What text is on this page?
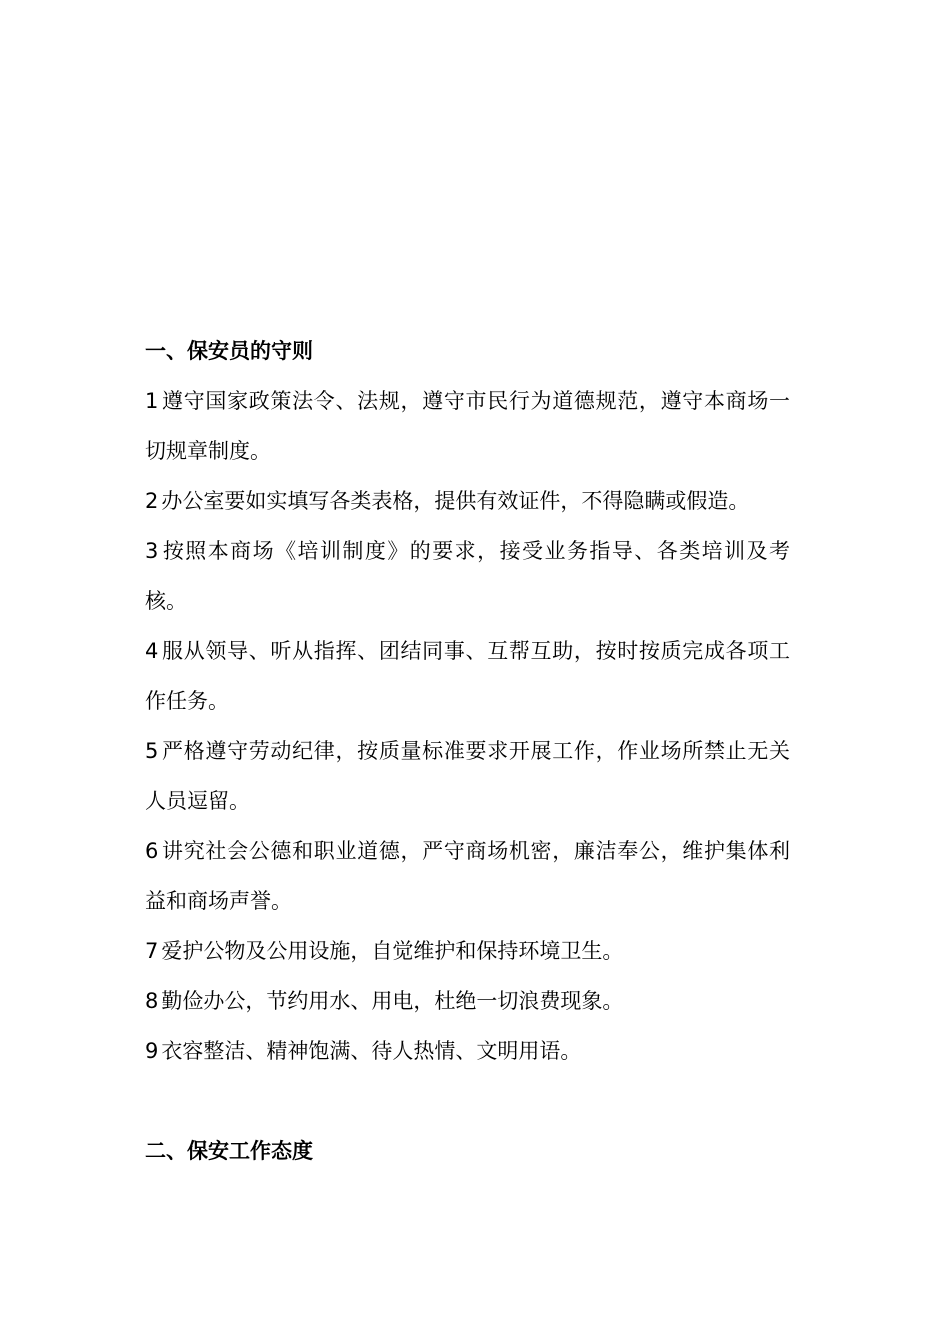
一、保安员的守则
1 遵守国家政策法令、法规，遵守市民行为道德规范，遵守本商场一切规章制度。
2 办公室要如实填写各类表格，提供有效证件，不得隐瞒或假造。
3 按照本商场《培训制度》的要求，接受业务指导、各类培训及考核。
4 服从领导、听从指挥、团结同事、互帮互助，按时按质完成各项工作任务。
5 严格遵守劳动纪律，按质量标准要求开展工作，作业场所禁止无关人员逗留。
6 讲究社会公德和职业道德，严守商场机密，廉洁奉公，维护集体利益和商场声誉。
7 爱护公物及公用设施，自觉维护和保持环境卫生。
8 勤俭办公，节约用水、用电，杜绝一切浪费现象。
9 衣容整洁、精神饱满、待人热情、文明用语。
二、保安工作态度
